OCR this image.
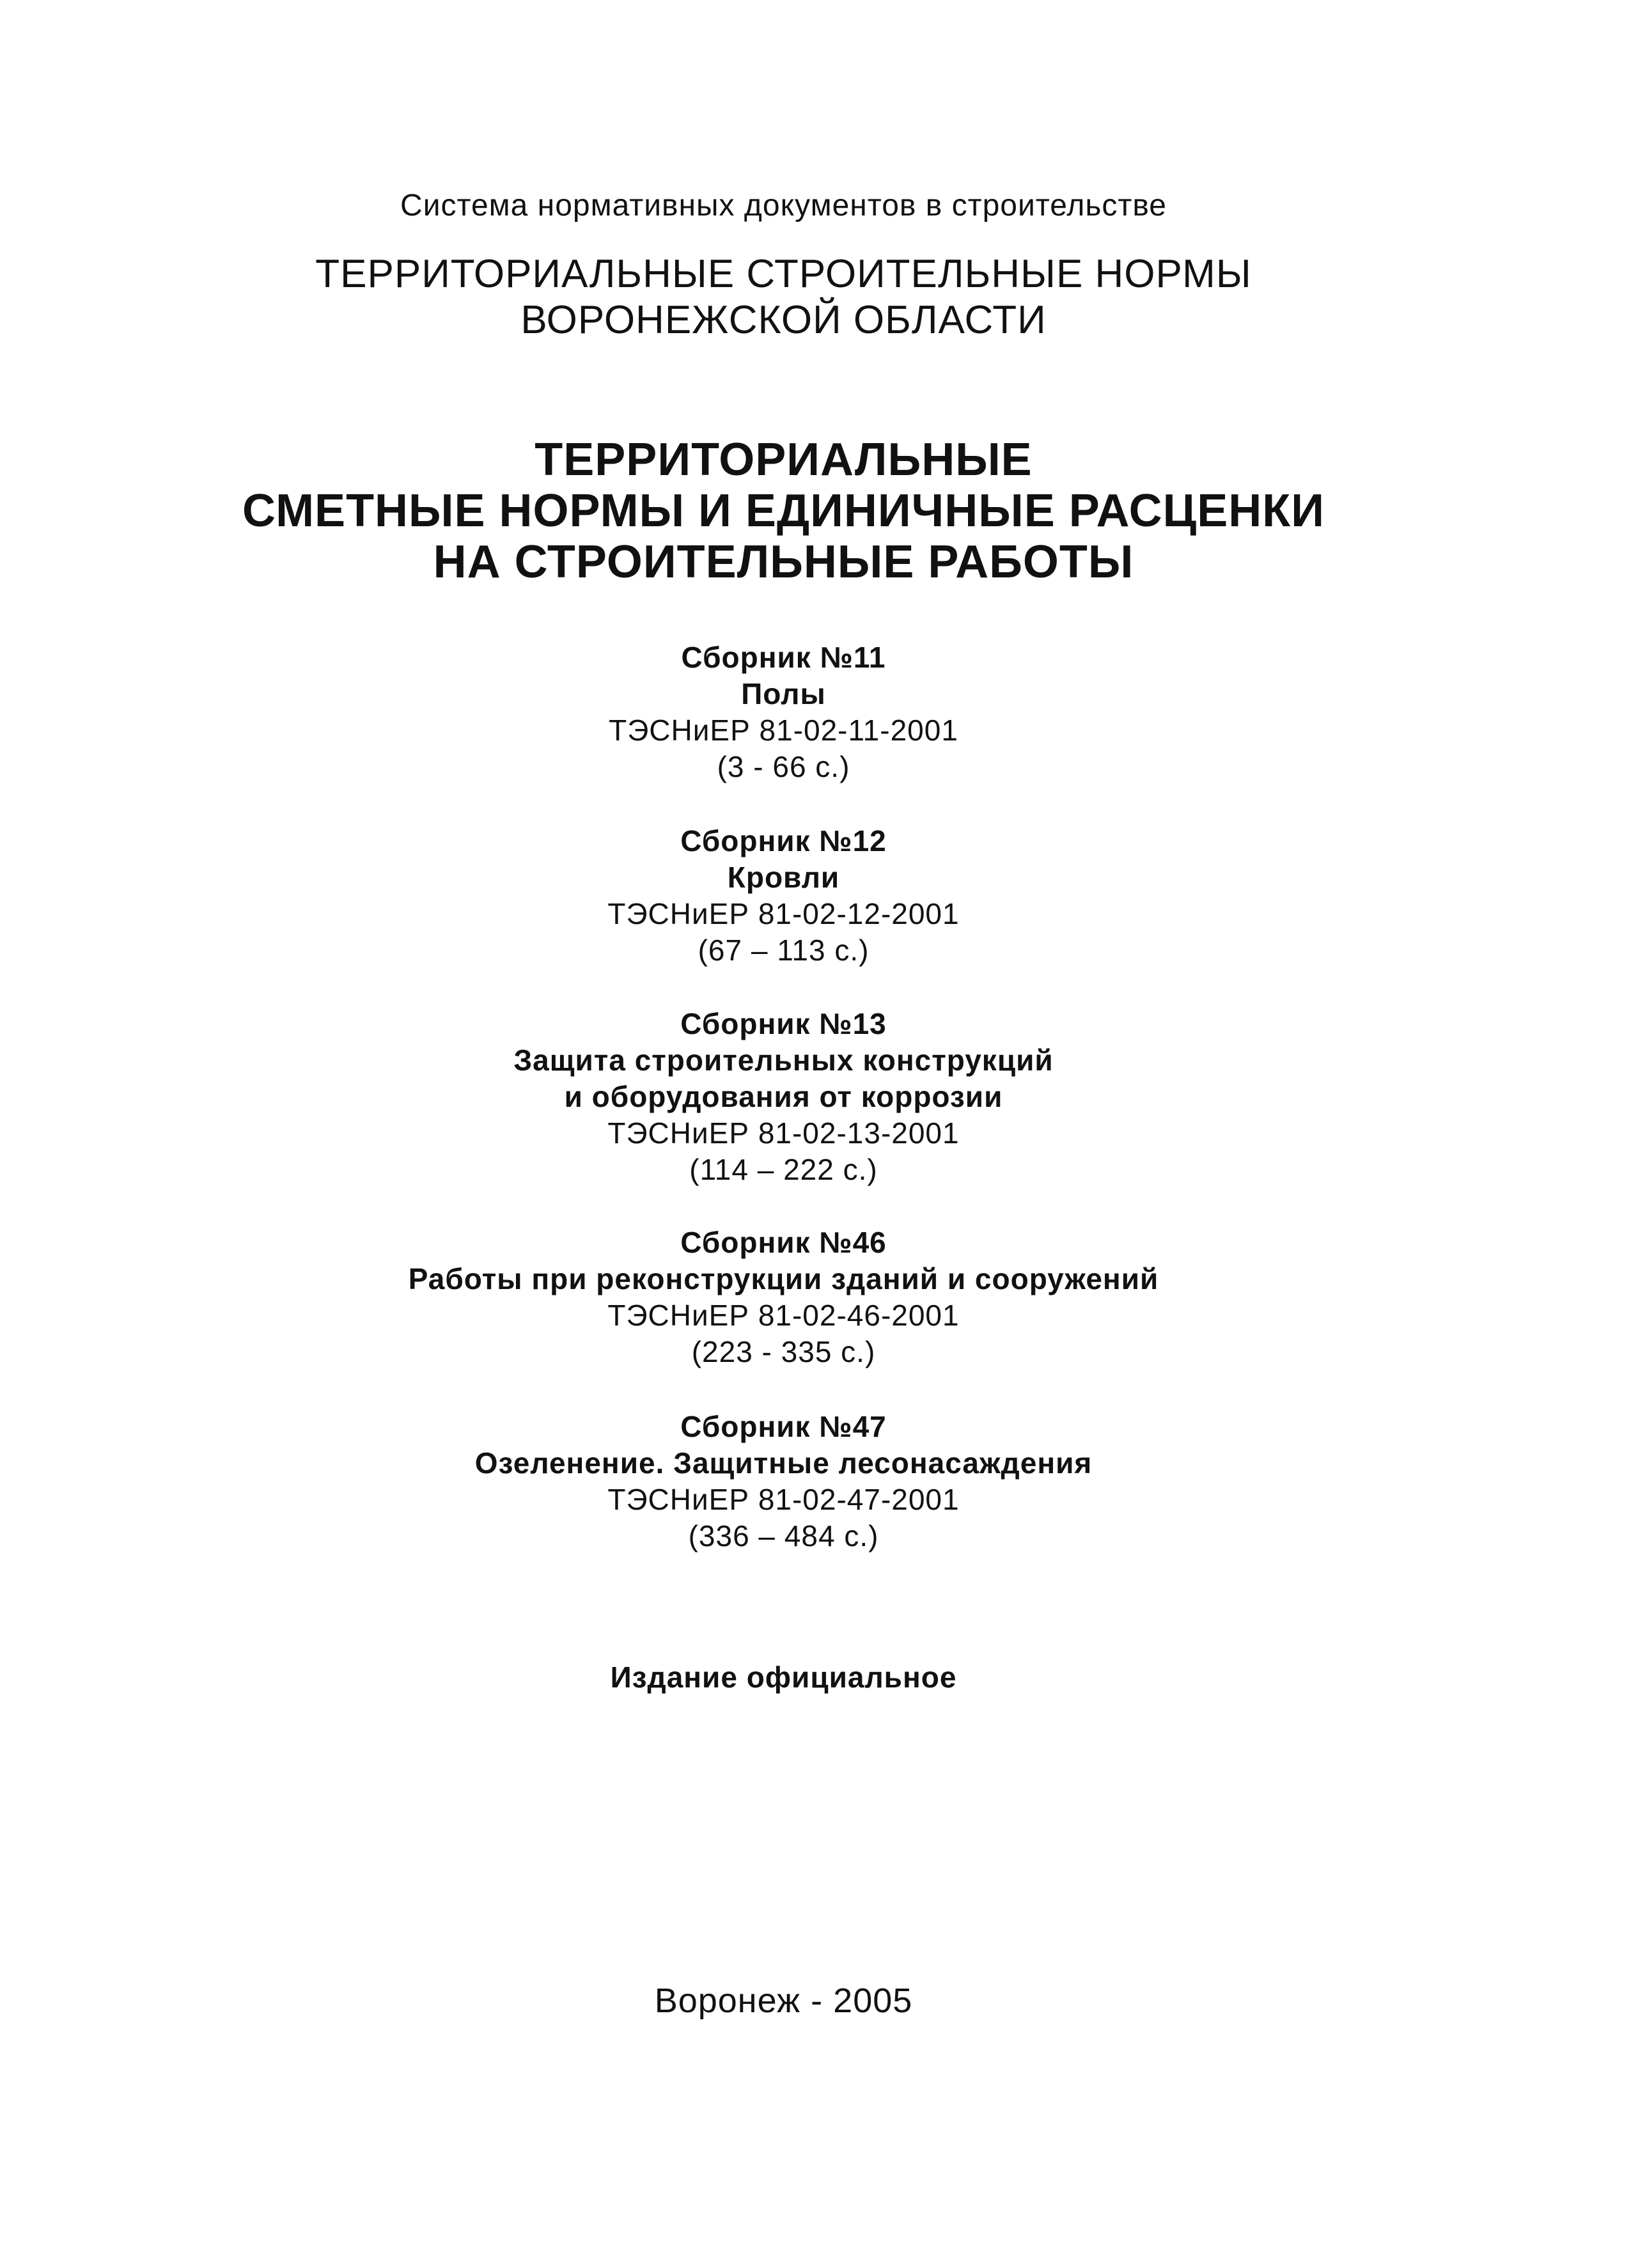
Система нормативных документов в строительстве
ТЕРРИТОРИАЛЬНЫЕ СТРОИТЕЛЬНЫЕ НОРМЫ
ВОРОНЕЖСКОЙ ОБЛАСТИ
ТЕРРИТОРИАЛЬНЫЕ
СМЕТНЫЕ НОРМЫ И ЕДИНИЧНЫЕ РАСЦЕНКИ
НА СТРОИТЕЛЬНЫЕ РАБОТЫ
Сборник №11
Полы
ТЭСНиЕР 81-02-11-2001
(3 - 66 с.)
Сборник №12
Кровли
ТЭСНиЕР 81-02-12-2001
(67 – 113 с.)
Сборник №13
Защита строительных конструкций
и оборудования от коррозии
ТЭСНиЕР 81-02-13-2001
(114 – 222 с.)
Сборник №46
Работы при реконструкции зданий и сооружений
ТЭСНиЕР 81-02-46-2001
(223 - 335 с.)
Сборник №47
Озеленение. Защитные лесонасаждения
ТЭСНиЕР 81-02-47-2001
(336 – 484 с.)
Издание официальное
Воронеж - 2005
